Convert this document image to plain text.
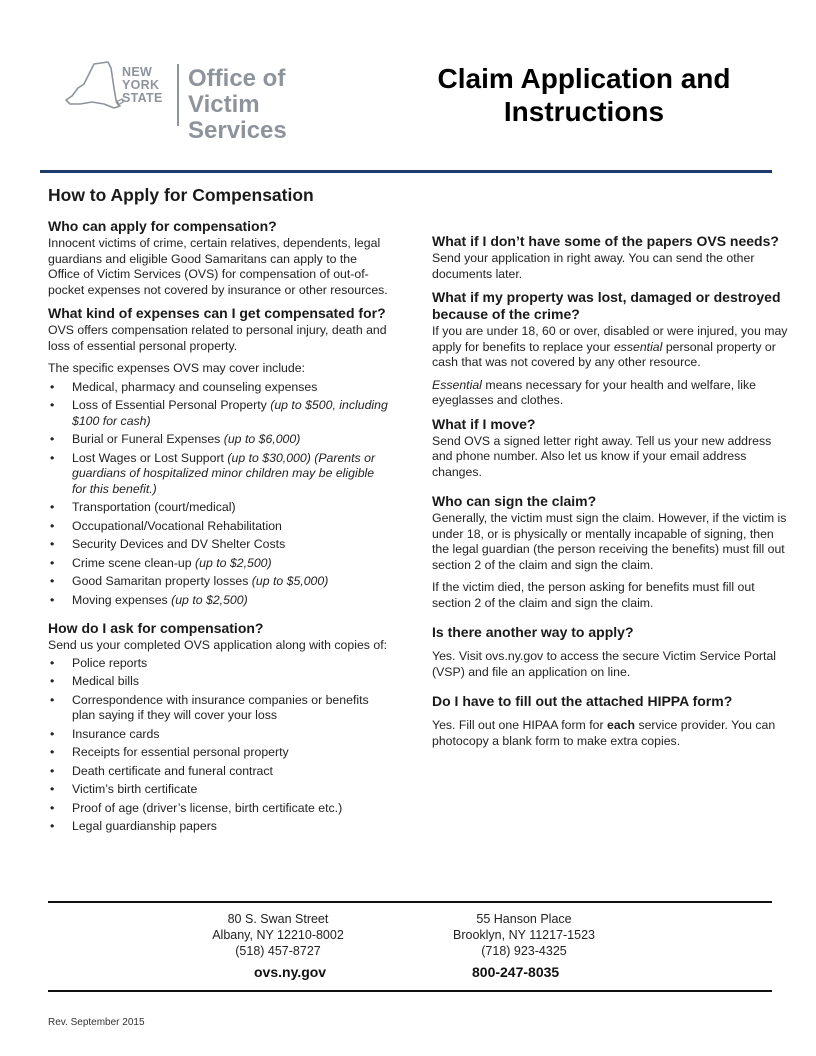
NEW
YORK
STATE
Office of
Victim Services
Claim Application and
Instructions
How to Apply for Compensation
Who can apply for compensation?
Innocent victims of crime, certain relatives, dependents, legal guardians and eligible Good Samaritans can apply to the Office of Victim Services (OVS) for compensation of out-of-pocket expenses not covered by insurance or other resources.
What kind of expenses can I get compensated for?
OVS offers compensation related to personal injury, death and loss of essential personal property.
The specific expenses OVS may cover include:
• Medical, pharmacy and counseling expenses
• Loss of Essential Personal Property (up to $500, including $100 for cash)
• Burial or Funeral Expenses (up to $6,000)
• Lost Wages or Lost Support (up to $30,000) (Parents or guardians of hospitalized minor children may be eligible for this benefit.)
• Transportation (court/medical)
• Occupational/Vocational Rehabilitation
• Security Devices and DV Shelter Costs
• Crime scene clean-up (up to $2,500)
• Good Samaritan property losses (up to $5,000)
• Moving expenses (up to $2,500)
How do I ask for compensation?
Send us your completed OVS application along with copies of:
• Police reports
• Medical bills
• Correspondence with insurance companies or benefits plan saying if they will cover your loss
• Insurance cards
• Receipts for essential personal property
• Death certificate and funeral contract
• Victim’s birth certificate
• Proof of age (driver’s license, birth certificate etc.)
• Legal guardianship papers
What if I don’t have some of the papers OVS needs?
Send your application in right away. You can send the other documents later.
What if my property was lost, damaged or destroyed because of the crime?
If you are under 18, 60 or over, disabled or were injured, you may apply for benefits to replace your essential personal property or cash that was not covered by any other resource.
Essential means necessary for your health and welfare, like eyeglasses and clothes.
What if I move?
Send OVS a signed letter right away. Tell us your new address and phone number. Also let us know if your email address changes.
Who can sign the claim?
Generally, the victim must sign the claim. However, if the victim is under 18, or is physically or mentally incapable of signing, then the legal guardian (the person receiving the benefits) must fill out section 2 of the claim and sign the claim.
If the victim died, the person asking for benefits must fill out section 2 of the claim and sign the claim.
Is there another way to apply?
Yes. Visit ovs.ny.gov to access the secure Victim Service Portal (VSP) and file an application on line.
Do I have to fill out the attached HIPPA form?
Yes. Fill out one HIPAA form for each service provider. You can photocopy a blank form to make extra copies.
80 S. Swan Street
Albany, NY 12210-8002
(518) 457-8727
55 Hanson Place
Brooklyn, NY 11217-1523
(718) 923-4325
ovs.ny.gov	800-247-8035
Rev. September 2015
